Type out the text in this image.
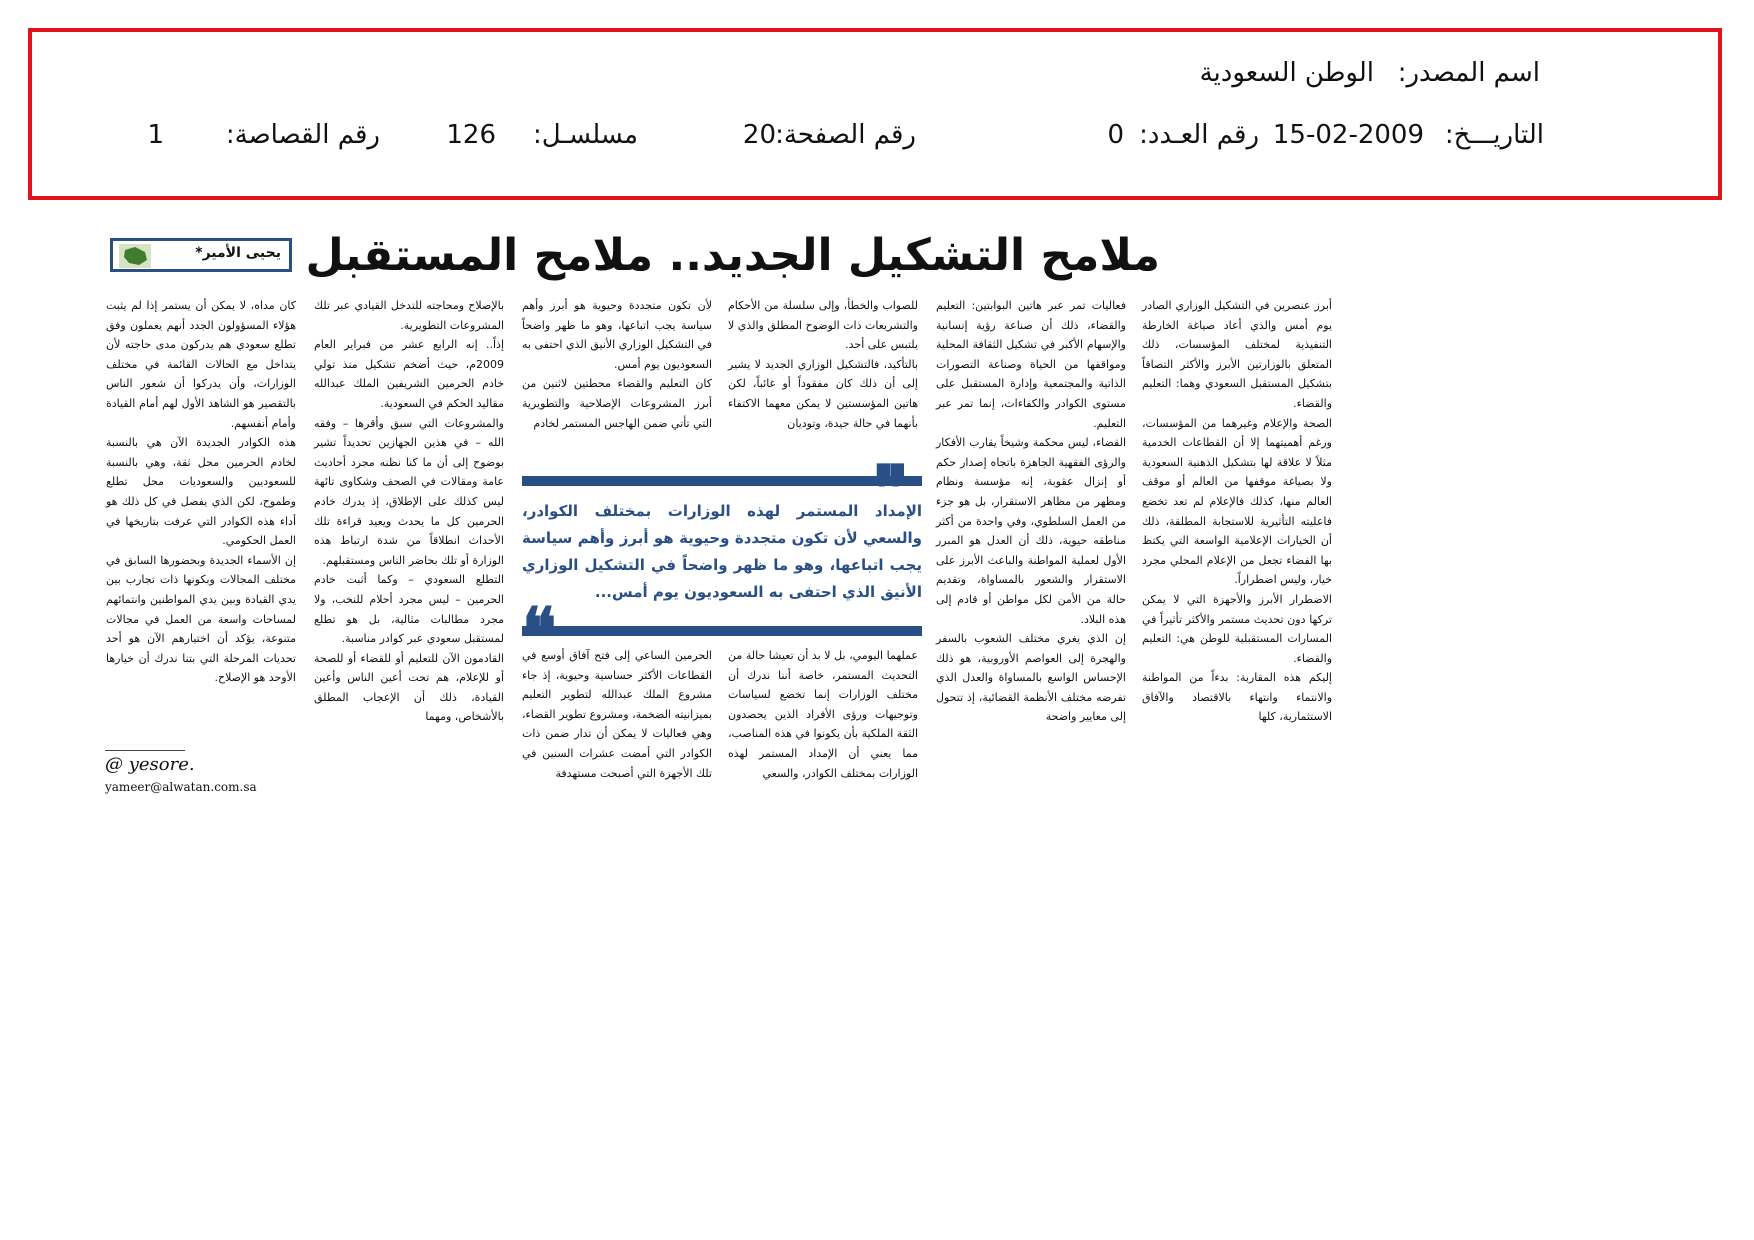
اسم المصدر:
الوطن السعودية
التاريـــخ:
15-02-2009
رقم العـدد:
0
رقم الصفحة:
20
مسلسـل:
126
رقم القصاصة:
1
ملامح التشكيل الجديد.. ملامح المستقبل
يحيى الأمير*

أبرز عنصرين في التشكيل الوزاري الصادر يوم أمس والذي أعاد صياغة الخارطة التنفيذية لمختلف المؤسسات، ذلك المتعلق بالوزارتين الأبرز والأكثر التصاقاً بتشكيل المستقبل السعودي وهما: التعليم والقضاء.

الصحة والإعلام وغيرهما من المؤسسات، ورغم أهميتهما إلا أن القطاعات الخدمية مثلاً لا علاقة لها بتشكيل الذهنية السعودية ولا بصياغة موقفها من العالم أو موقف العالم منها، كذلك فالإعلام لم تعد تخضع فاعليته التأثيرية للاستجابة المطلقة، ذلك أن الخيارات الإعلامية الواسعة التي يكتظ بها الفضاء تجعل من الإعلام المحلي مجرد خيار، وليس اضطراراً.

الاضطرار الأبرز والأجهزة التي لا يمكن تركها دون تحديث مستمر والأكثر تأثيراً في المسارات المستقبلية للوطن هي: التعليم والقضاء.

إليكم هذه المقاربة: بدءاً من المواطنة والانتماء وانتهاء بالاقتصاد والآفاق الاستثمارية، كلها

فعاليات تمر عبر هاتين البوابتين: التعليم والقضاء، ذلك أن صناعة رؤية إنسانية والإسهام الأكبر في تشكيل الثقافة المحلية ومواقفها من الحياة وصناعة التصورات الذاتية والمجتمعية وإدارة المستقبل على مستوى الكوادر والكفاءات، إنما تمر عبر التعليم.

القضاء، ليس محكمة وشيخاً يقارب الأفكار والرؤى الفقهية الجاهزة باتجاه إصدار حكم أو إنزال عقوبة، إنه مؤسسة ونظام ومظهر من مظاهر الاستقرار، بل هو جزء من العمل السلطوي، وفي واحدة من أكثر مناطقه حيوية، ذلك أن العدل هو المبرر الأول لعملية المواطنة والباعث الأبرز على الاستقرار والشعور بالمساواة، وتقديم حالة من الأمن لكل مواطن أو قادم إلى هذه البلاد.

إن الذي يغري مختلف الشعوب بالسفر والهجرة إلى العواصم الأوروبية، هو ذلك الإحساس الواسع بالمساواة والعدل الذي تفرضه مختلف الأنظمة القضائية، إذ تتحول إلى معايير واضحة

للصواب والخطأ، وإلى سلسلة من الأحكام والتشريعات ذات الوضوح المطلق والذي لا يلتبس على أحد.

بالتأكيد، فالتشكيل الوزاري الجديد لا يشير إلى أن ذلك كان مفقوداً أو غائباً، لكن هاتين المؤسستين لا يمكن معهما الاكتفاء بأنهما في حالة جيدة، وتوديان

لأن تكون متجددة وحيوية هو أبرز وأهم سياسة يجب اتباعها، وهو ما ظهر واضحاً في التشكيل الوزاري الأنيق الذي احتفى به السعوديون يوم أمس.

كان التعليم والقضاء محطتين لاثنين من أبرز المشروعات الإصلاحية والتطويرية التي تأتي ضمن الهاجس المستمر لخادم

بالإصلاح ومحاجته للتدخل القيادي عبر تلك المشروعات التطويرية.

إذاً.. إنه الرابع عشر من فبراير العام 2009م، حيث أضخم تشكيل منذ تولي خادم الحرمين الشريفين الملك عبدالله مقاليد الحكم في السعودية.

والمشروعات التي سبق وأقرها – وفقه الله – في هذين الجهازين تحديداً تشير بوضوح إلى أن ما كنا نظنه مجرد أحاديث عامة ومقالات في الصحف وشكاوى تائهة ليس كذلك على الإطلاق، إذ يدرك خادم الحرمين كل ما يحدث ويعيد قراءة تلك الأحداث انطلاقاً من شدة ارتباط هذه الوزارة أو تلك بحاضر الناس ومستقبلهم.

التطلع السعودي – وكما أثبت خادم الحرمين – ليس مجرد أحلام للنخب، ولا مجرد مطالبات مثالية، بل هو تطلع لمستقبل سعودي عبر كوادر مناسبة.

القادمون الآن للتعليم أو للقضاء أو للصحة أو للإعلام، هم تحت أعين الناس وأعين القيادة، ذلك أن الإعجاب المطلق بالأشخاص، ومهما

كان مداه، لا يمكن أن يستمر إذا لم يثبت هؤلاء المسؤولون الجدد أنهم يعملون وفق تطلع سعودي هم يدركون مدى حاجته لأن يتداخل مع الحالات القائمة في مختلف الوزارات، وأن يدركوا أن شعور الناس بالتقصير هو الشاهد الأول لهم أمام القيادة وأمام أنفسهم.

هذه الكوادر الجديدة الآن هي بالنسبة لخادم الحرمين محل ثقة، وهي بالنسبة للسعوديين والسعوديات محل تطلع وطموح، لكن الذي يفصل في كل ذلك هو أداء هذه الكوادر التي عرفت بتاريخها في العمل الحكومي.

إن الأسماء الجديدة وبحضورها السابق في مختلف المجالات وبكونها ذات تجارب بين يدي القيادة وبين يدي المواطنين وانتمائهم لمساحات واسعة من العمل في مجالات متنوعة، يؤكد أن اختيارهم الآن هو أحد تحديات المرحلة التي بتنا ندرك أن خيارها الأوحد هو الإصلاح.

❞
الإمداد المستمر لهذه الوزارات بمختلف الكوادر، والسعي لأن تكون متجددة وحيوية هو أبرز وأهم سياسة يجب اتباعها، وهو ما ظهر واضحاً في التشكيل الوزاري الأنيق الذي احتفى به السعوديون يوم أمس...

عملهما اليومي، بل لا بد أن تعيشا حالة من التحديث المستمر، خاصة أننا ندرك أن مختلف الوزارات إنما تخضع لسياسات وتوجيهات ورؤى الأفراد الذين يحصدون الثقة الملكية بأن يكونوا في هذه المناصب، مما يعني أن الإمداد المستمر لهذه الوزارات بمختلف الكوادر، والسعي

الحرمين الساعي إلى فتح آفاق أوسع في القطاعات الأكثر حساسية وحيوية، إذ جاء مشروع الملك عبدالله لتطوير التعليم بميزانيته الضخمة، ومشروع تطوير القضاء، وهي فعاليات لا يمكن أن تدار ضمن ذات الكوادر التي أمضت عشرات السنين في تلك الأجهزة التي أصبحت مستهدفة

@ yesore.
yameer@alwatan.com.sa
